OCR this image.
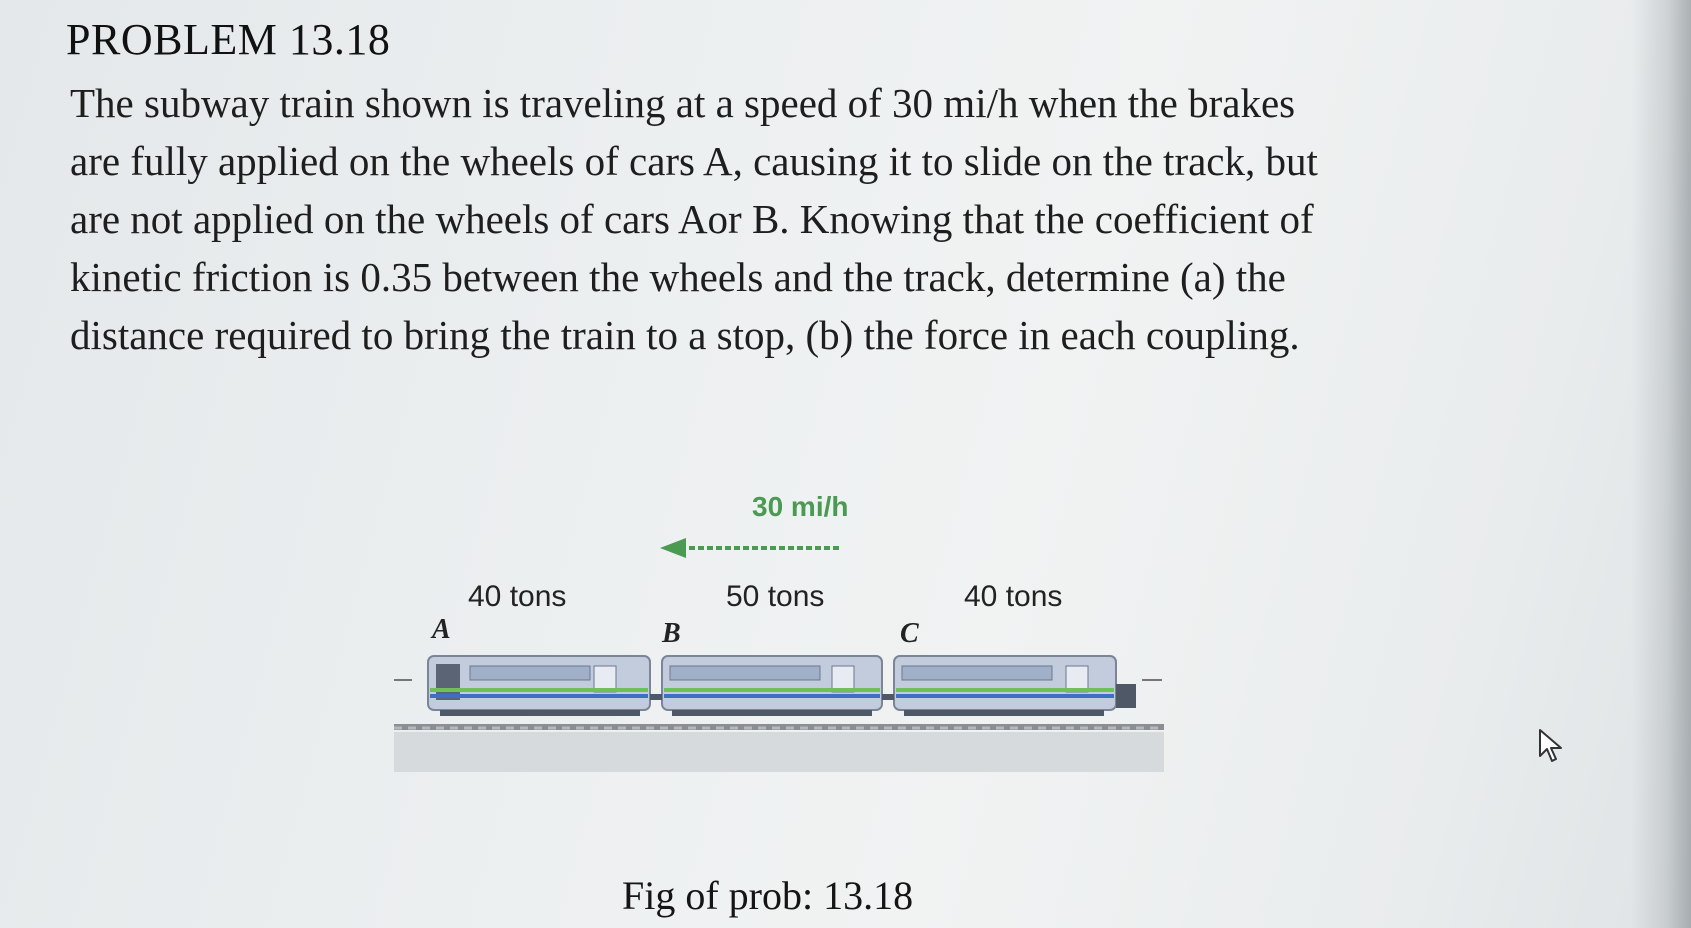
PROBLEM 13.18
The subway train shown is traveling at a speed of 30 mi/h when the brakes
are fully applied on the wheels of cars A, causing it to slide on the track, but
are not applied on the wheels of cars Aor B. Knowing that the coefficient of
kinetic friction is 0.35 between the wheels and the track, determine (a) the
distance required to bring the train to a stop, (b) the force in each coupling.
30 mi/h
40 tons	50 tons	40 tons
A	B	C
Fig of prob: 13.18
